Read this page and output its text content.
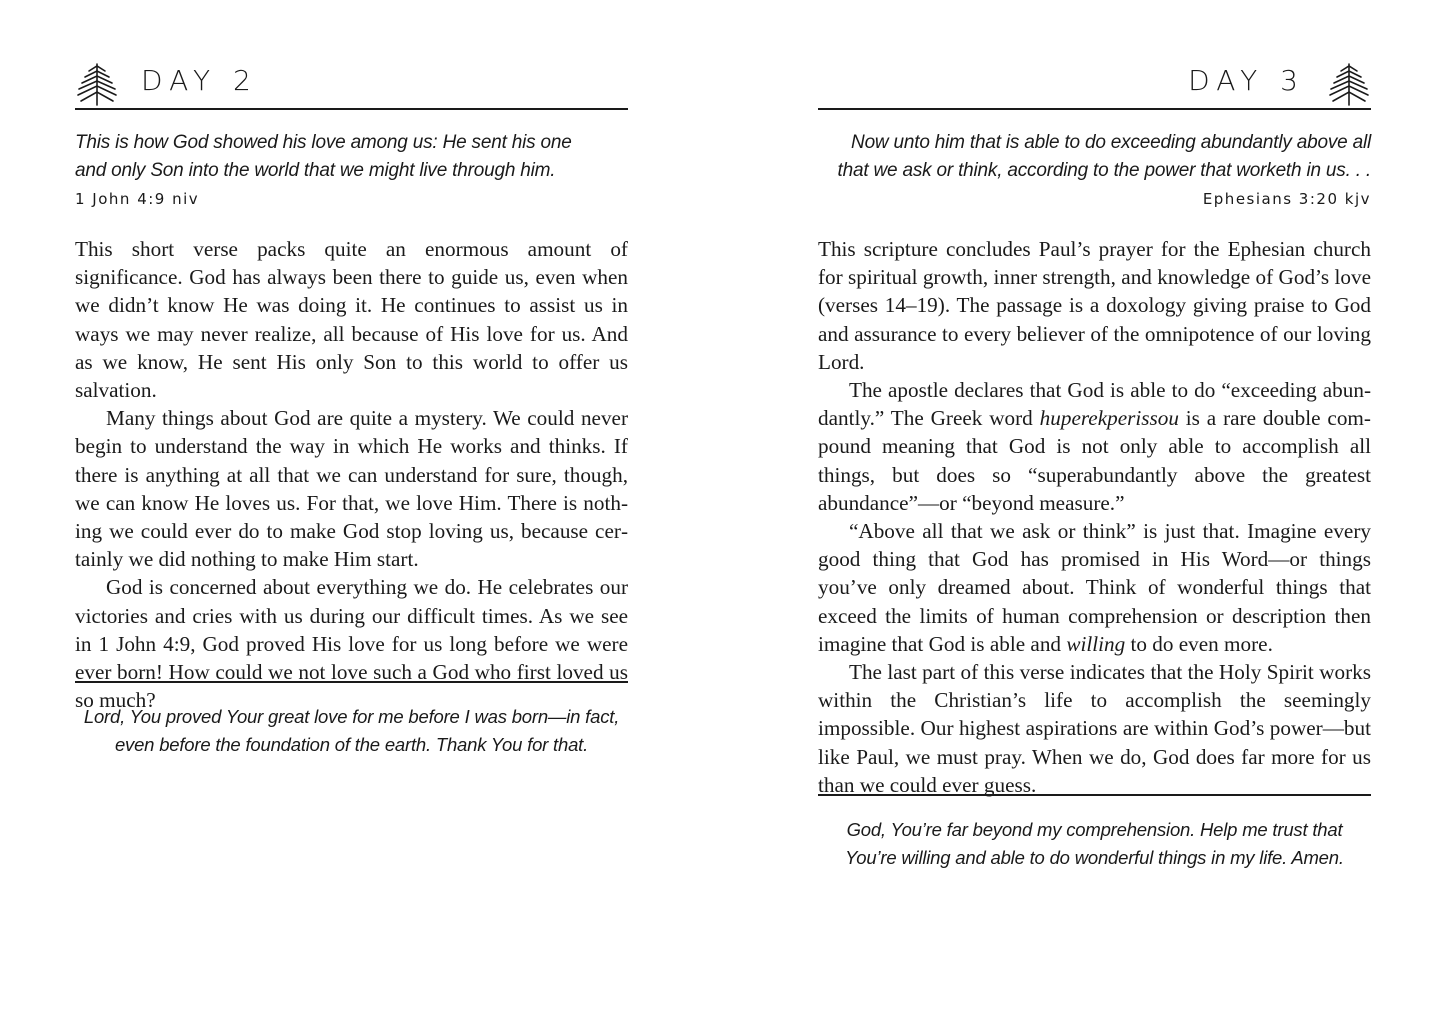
DAY 2

This is how God showed his love among us: He sent his one

and only Son into the world that we might live through him.

1 John 4:9 niv

This short verse packs quite an enormous amount of significance. God has always been there to guide us, even when we didn’t know He was doing it. He continues to assist us in ways we may never realize, all because of His love for us. And as we know, He sent His only Son to this world to offer us salvation.

Many things about God are quite a mystery. We could never begin to understand the way in which He works and thinks. If there is anything at all that we can understand for sure, though, we can know He loves us. For that, we love Him. There is nothing we could ever do to make God stop loving us, because certainly we did nothing to make Him start.

God is concerned about everything we do. He celebrates our victories and cries with us during our difficult times. As we see in 1 John 4:9, God proved His love for us long before we were ever born! How could we not love such a God who first loved us so much?

Lord, You proved Your great love for me before I was born—in fact,

even before the foundation of the earth. Thank You for that.

DAY 3

Now unto him that is able to do exceeding abundantly above all

that we ask or think, according to the power that worketh in us. . .

Ephesians 3:20 kjv

This scripture concludes Paul’s prayer for the Ephesian church for spiritual growth, inner strength, and knowledge of God’s love (verses 14–19). The passage is a doxology giving praise to God and assurance to every believer of the omnipotence of our loving Lord.

The apostle declares that God is able to do “exceeding abundantly.” The Greek word huperekperissou is a rare double compound meaning that God is not only able to accomplish all things, but does so “superabundantly above the greatest abundance”—or “beyond measure.”

“Above all that we ask or think” is just that. Imagine every good thing that God has promised in His Word—or things you’ve only dreamed about. Think of wonderful things that exceed the limits of human comprehension or description then imagine that God is able and willing to do even more.

The last part of this verse indicates that the Holy Spirit works within the Christian’s life to accomplish the seemingly impossible. Our highest aspirations are within God’s power—but like Paul, we must pray. When we do, God does far more for us than we could ever guess.

God, You’re far beyond my comprehension. Help me trust that

You’re willing and able to do wonderful things in my life. Amen.
